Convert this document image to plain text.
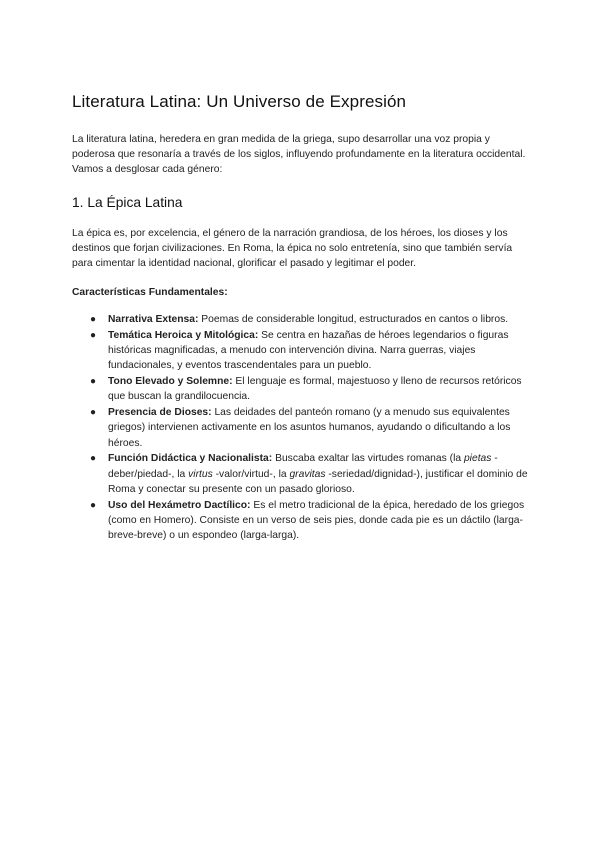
Literatura Latina: Un Universo de Expresión

La literatura latina, heredera en gran medida de la griega, supo desarrollar una voz propia y poderosa que resonaría a través de los siglos, influyendo profundamente en la literatura occidental. Vamos a desglosar cada género:

1. La Épica Latina

La épica es, por excelencia, el género de la narración grandiosa, de los héroes, los dioses y los destinos que forjan civilizaciones. En Roma, la épica no solo entretenía, sino que también servía para cimentar la identidad nacional, glorificar el pasado y legitimar el poder.

Características Fundamentales:
● Narrativa Extensa: Poemas de considerable longitud, estructurados en cantos o libros.
● Temática Heroica y Mitológica: Se centra en hazañas de héroes legendarios o figuras históricas magnificadas, a menudo con intervención divina. Narra guerras, viajes fundacionales, y eventos trascendentales para un pueblo.
● Tono Elevado y Solemne: El lenguaje es formal, majestuoso y lleno de recursos retóricos que buscan la grandilocuencia.
● Presencia de Dioses: Las deidades del panteón romano (y a menudo sus equivalentes griegos) intervienen activamente en los asuntos humanos, ayudando o dificultando a los héroes.
● Función Didáctica y Nacionalista: Buscaba exaltar las virtudes romanas (la pietas -deber/piedad-, la virtus -valor/virtud-, la gravitas -seriedad/dignidad-), justificar el dominio de Roma y conectar su presente con un pasado glorioso.
● Uso del Hexámetro Dactílico: Es el metro tradicional de la épica, heredado de los griegos (como en Homero). Consiste en un verso de seis pies, donde cada pie es un dáctilo (larga-breve-breve) o un espondeo (larga-larga).
